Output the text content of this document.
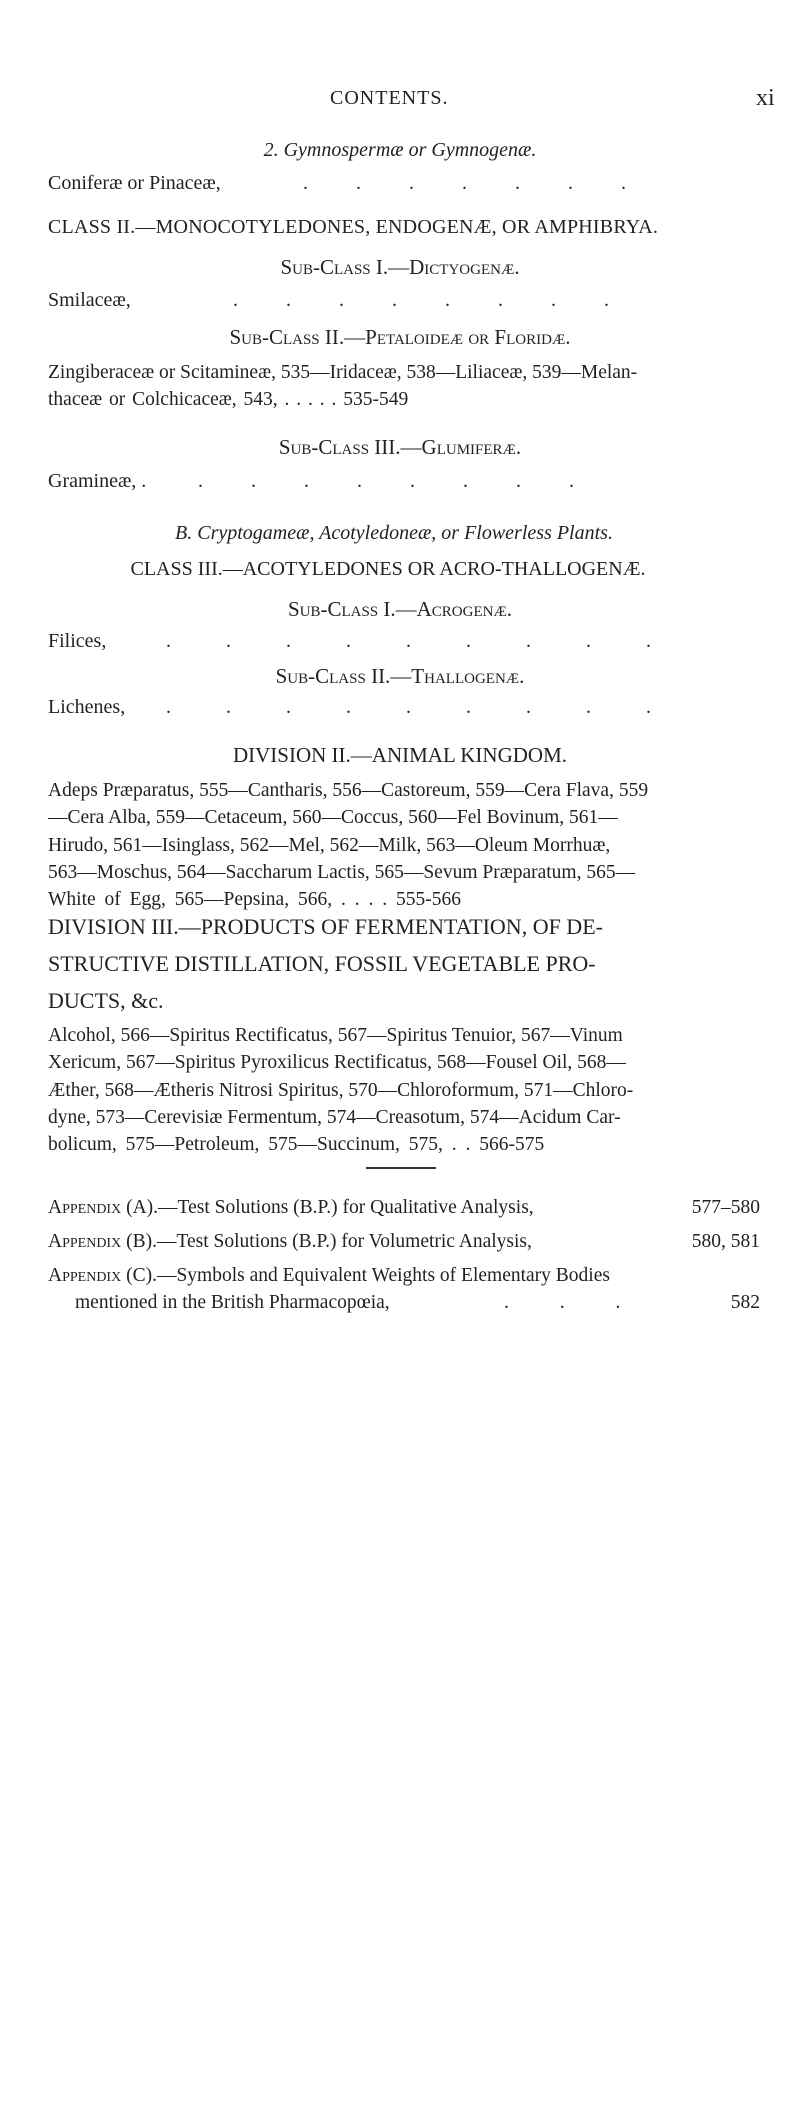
CONTENTS.	xi
2. Gymnospermæ or Gymnogenæ.
Coniferæ or Pinaceæ,	. . . . . . .
CLASS II.—MONOCOTYLEDONES, ENDOGENÆ, OR AMPHIBRYA.
Sub-Class I.—Dictyogenæ.
Smilaceæ,	. . . . . . . .
Sub-Class II.—Petaloideæ or Floridæ.
Zingiberaceæ or Scitamineæ, 535—Iridaceæ, 538—Liliaceæ, 539—Melan-
thaceæ or Colchicaceæ, 543, . . . . . 535-549
Sub-Class III.—Glumiferæ.
Gramineæ, .	. . . . . . . .
B. Cryptogameæ, Acotyledoneæ, or Flowerless Plants.
CLASS III.—ACOTYLEDONES OR ACRO-THALLOGENÆ.
Sub-Class I.—Acrogenæ.
Filices,	. . . . . . . . .
Sub-Class II.—Thallogenæ.
Lichenes, . . . . . . . . .
DIVISION II.—ANIMAL KINGDOM.
Adeps Præparatus, 555—Cantharis, 556—Castoreum, 559—Cera Flava, 559
—Cera Alba, 559—Cetaceum, 560—Coccus, 560—Fel Bovinum, 561—
Hirudo, 561—Isinglass, 562—Mel, 562—Milk, 563—Oleum Morrhuæ,
563—Moschus, 564—Saccharum Lactis, 565—Sevum Præparatum, 565—
White of Egg, 565—Pepsina, 566, . . . . 555-566
DIVISION III.—PRODUCTS OF FERMENTATION, OF DE-
STRUCTIVE DISTILLATION, FOSSIL VEGETABLE PRO-
DUCTS, &c.
Alcohol, 566—Spiritus Rectificatus, 567—Spiritus Tenuior, 567—Vinum
Xericum, 567—Spiritus Pyroxilicus Rectificatus, 568—Fousel Oil, 568—
Æther, 568—Ætheris Nitrosi Spiritus, 570—Chloroformum, 571—Chloro-
dyne, 573—Cerevisiæ Fermentum, 574—Creasotum, 574—Acidum Car-
bolicum, 575—Petroleum, 575—Succinum, 575, . . 566-575
Appendix (A).—Test Solutions (B.P.) for Qualitative Analysis,	577–580
Appendix (B).—Test Solutions (B.P.) for Volumetric Analysis,	580, 581
Appendix (C).—Symbols and Equivalent Weights of Elementary Bodies
mentioned in the British Pharmacopœia,	. . .	582
